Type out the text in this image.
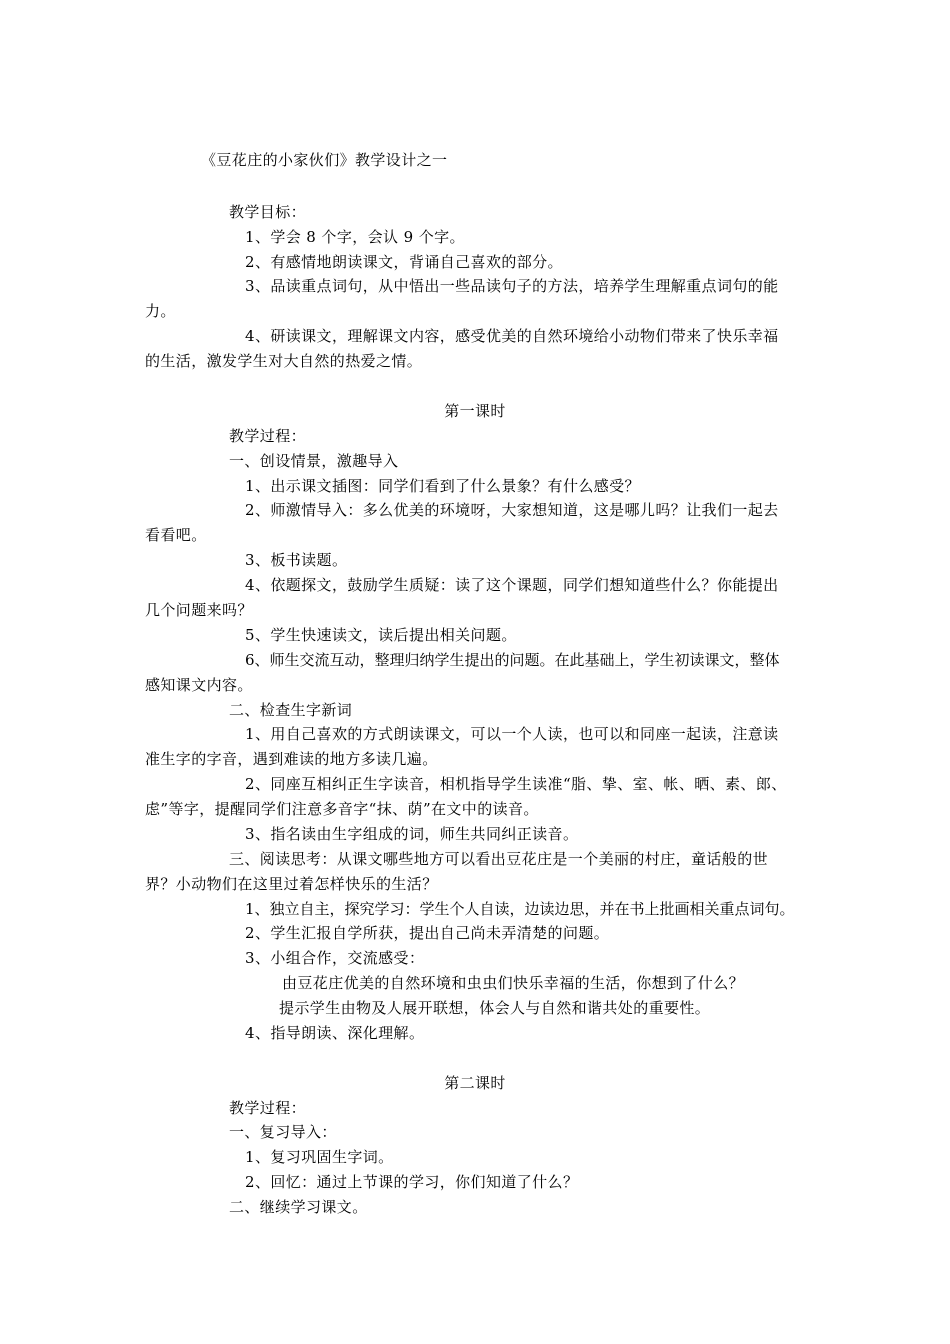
《豆花庄的小家伙们》教学设计之一
教学目标：
1、学会 8 个字，会认 9 个字。
2、有感情地朗读课文，背诵自己喜欢的部分。
3、品读重点词句，从中悟出一些品读句子的方法，培养学生理解重点词句的能
力。
4、研读课文，理解课文内容，感受优美的自然环境给小动物们带来了快乐幸福
的生活，激发学生对大自然的热爱之情。
第一课时
教学过程：
一、创设情景，激趣导入
1、出示课文插图：同学们看到了什么景象？有什么感受？
2、师激情导入：多么优美的环境呀，大家想知道，这是哪儿吗？让我们一起去
看看吧。
3、板书读题。
4、依题探文，鼓励学生质疑：读了这个课题，同学们想知道些什么？你能提出
几个问题来吗？
5、学生快速读文，读后提出相关问题。
6、师生交流互动，整理归纳学生提出的问题。在此基础上，学生初读课文，整体
感知课文内容。
二、检查生字新词
1、用自己喜欢的方式朗读课文，可以一个人读，也可以和同座一起读，注意读
准生字的字音，遇到难读的地方多读几遍。
2、同座互相纠正生字读音，相机指导学生读准“脂、挚、室、帐、晒、素、郎、
虑”等字，提醒同学们注意多音字“抹、荫”在文中的读音。
3、指名读由生字组成的词，师生共同纠正读音。
三、阅读思考：从课文哪些地方可以看出豆花庄是一个美丽的村庄，童话般的世
界？小动物们在这里过着怎样快乐的生活？
1、独立自主，探究学习：学生个人自读，边读边思，并在书上批画相关重点词句。
2、学生汇报自学所获，提出自己尚未弄清楚的问题。
3、小组合作，交流感受：
由豆花庄优美的自然环境和虫虫们快乐幸福的生活，你想到了什么？
提示学生由物及人展开联想，体会人与自然和谐共处的重要性。
4、指导朗读、深化理解。
第二课时
教学过程：
一、复习导入：
1、复习巩固生字词。
2、回忆：通过上节课的学习，你们知道了什么？
二、继续学习课文。
